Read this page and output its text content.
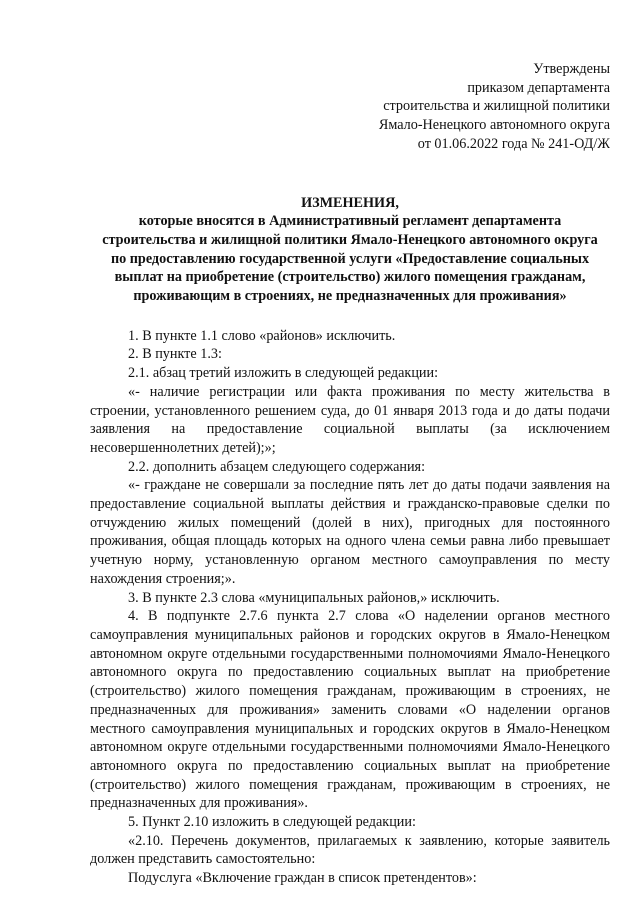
Утверждены
приказом департамента
строительства и жилищной политики
Ямало-Ненецкого автономного округа
от 01.06.2022 года № 241-ОД/Ж
ИЗМЕНЕНИЯ,
которые вносятся в Административный регламент департамента строительства и жилищной политики Ямало-Ненецкого автономного округа по предоставлению государственной услуги «Предоставление социальных выплат на приобретение (строительство) жилого помещения гражданам, проживающим в строениях, не предназначенных для проживания»

1. В пункте 1.1 слово «районов» исключить.

2. В пункте 1.3:

2.1. абзац третий изложить в следующей редакции:

«- наличие регистрации или факта проживания по месту жительства в строении, установленного решением суда, до 01 января 2013 года и до даты подачи заявления на предоставление социальной выплаты (за исключением несовершеннолетних детей);»;

2.2. дополнить абзацем следующего содержания:

«- граждане не совершали за последние пять лет до даты подачи заявления на предоставление социальной выплаты действия и гражданско-правовые сделки по отчуждению жилых помещений (долей в них), пригодных для постоянного проживания, общая площадь которых на одного члена семьи равна либо превышает учетную норму, установленную органом местного самоуправления по месту нахождения строения;».

3. В пункте 2.3 слова «муниципальных районов,» исключить.

4. В подпункте 2.7.6 пункта 2.7 слова «О наделении органов местного самоуправления муниципальных районов и городских округов в Ямало-Ненецком автономном округе отдельными государственными полномочиями Ямало-Ненецкого автономного округа по предоставлению социальных выплат на приобретение (строительство) жилого помещения гражданам, проживающим в строениях, не предназначенных для проживания» заменить словами «О наделении органов местного самоуправления муниципальных и городских округов в Ямало-Ненецком автономном округе отдельными государственными полномочиями Ямало-Ненецкого автономного округа по предоставлению социальных выплат на приобретение (строительство) жилого помещения гражданам, проживающим в строениях, не предназначенных для проживания».

5. Пункт 2.10 изложить в следующей редакции:

«2.10. Перечень документов, прилагаемых к заявлению, которые заявитель должен представить самостоятельно:

Подуслуга «Включение граждан в список претендентов»:
